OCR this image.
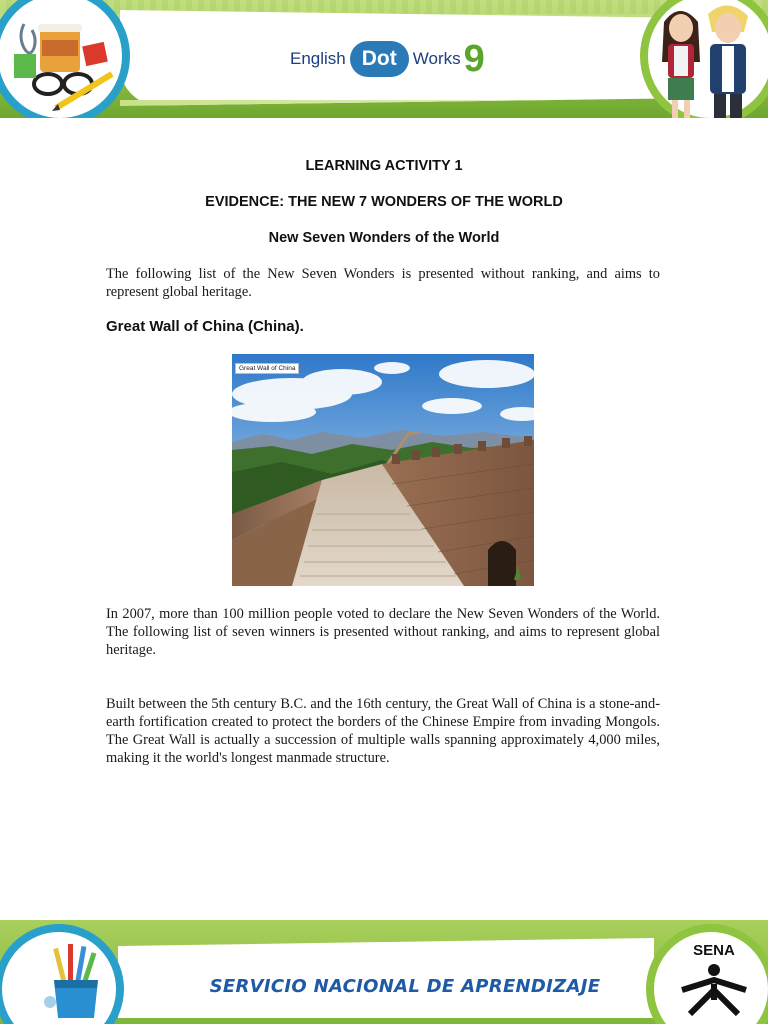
English Dot Works 9
LEARNING ACTIVITY 1
EVIDENCE: THE NEW 7 WONDERS OF THE WORLD
New Seven Wonders of the World

The following list of the New Seven Wonders is presented without ranking, and aims to represent global heritage.

Great Wall of China (China).
Great Wall of China

In 2007, more than 100 million people voted to declare the New Seven Wonders of the World. The following list of seven winners is presented without ranking, and aims to represent global heritage.

Built between the 5th century B.C. and the 16th century, the Great Wall of China is a stone-and-earth fortification created to protect the borders of the Chinese Empire from invading Mongols. The Great Wall is actually a succession of multiple walls spanning approximately 4,000 miles, making it the world's longest manmade structure.

SERVICIO NACIONAL DE APRENDIZAJE
SENA
